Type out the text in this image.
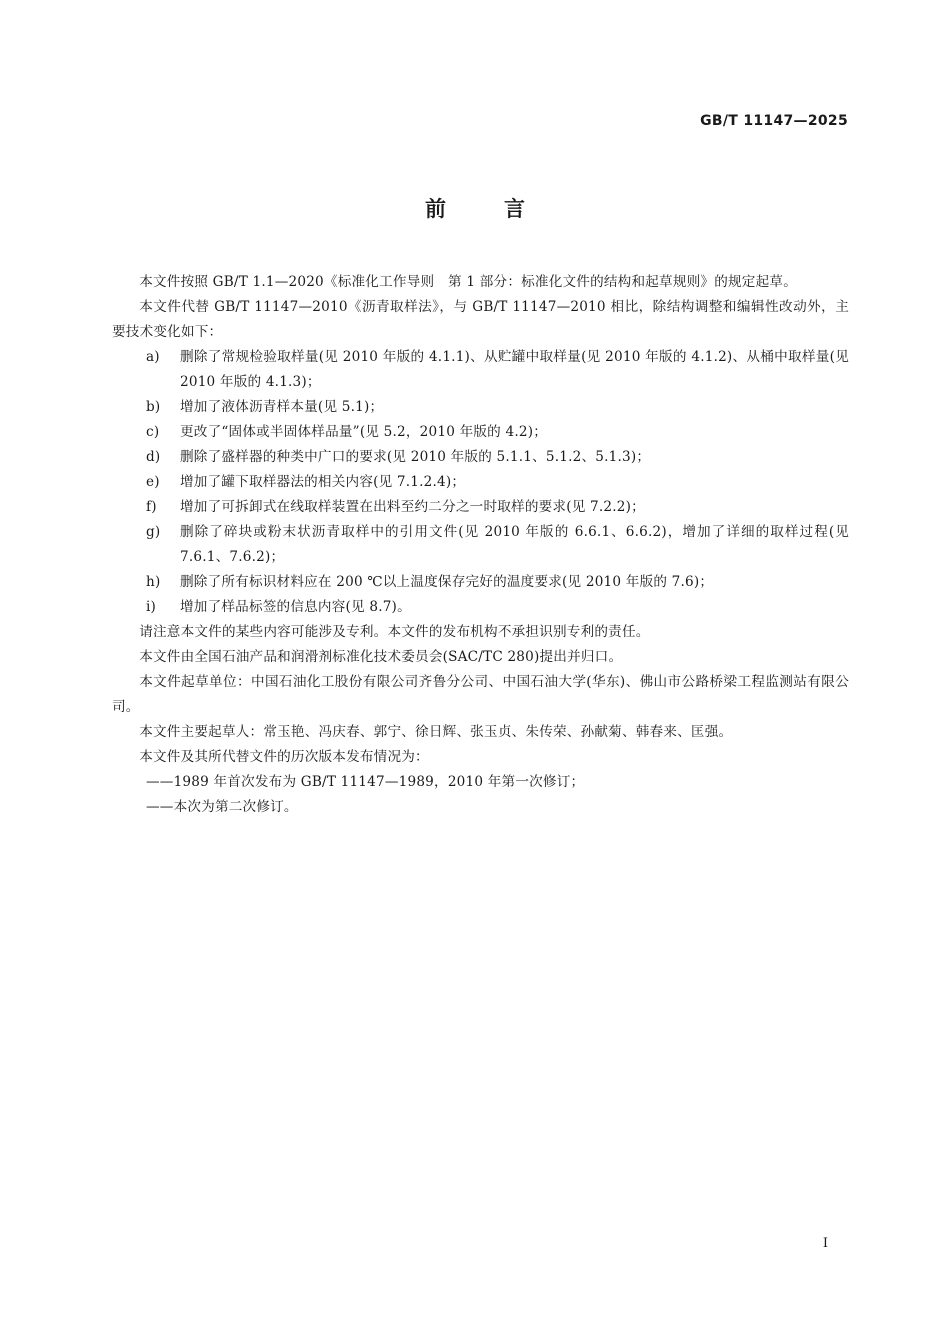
GB/T 11147—2025
前言

本文件按照 GB/T 1.1—2020《标准化工作导则　第 1 部分：标准化文件的结构和起草规则》的规定起草。

本文件代替 GB/T 11147—2010《沥青取样法》，与 GB/T 11147—2010 相比，除结构调整和编辑性改动外，主要技术变化如下：

a) 删除了常规检验取样量(见 2010 年版的 4.1.1)、从贮罐中取样量(见 2010 年版的 4.1.2)、从桶中取样量(见 2010 年版的 4.1.3)；
b) 增加了液体沥青样本量(见 5.1)；
c) 更改了“固体或半固体样品量”(见 5.2，2010 年版的 4.2)；
d) 删除了盛样器的种类中广口的要求(见 2010 年版的 5.1.1、5.1.2、5.1.3)；
e) 增加了罐下取样器法的相关内容(见 7.1.2.4)；
f) 增加了可拆卸式在线取样装置在出料至约二分之一时取样的要求(见 7.2.2)；
g) 删除了碎块或粉末状沥青取样中的引用文件(见 2010 年版的 6.6.1、6.6.2)，增加了详细的取样过程(见 7.6.1、7.6.2)；
h) 删除了所有标识材料应在 200 ℃以上温度保存完好的温度要求(见 2010 年版的 7.6)；
i) 增加了样品标签的信息内容(见 8.7)。

请注意本文件的某些内容可能涉及专利。本文件的发布机构不承担识别专利的责任。

本文件由全国石油产品和润滑剂标准化技术委员会(SAC/TC 280)提出并归口。

本文件起草单位：中国石油化工股份有限公司齐鲁分公司、中国石油大学(华东)、佛山市公路桥梁工程监测站有限公司。

本文件主要起草人：常玉艳、冯庆春、郭宁、徐日辉、张玉贞、朱传荣、孙献菊、韩春来、匡强。

本文件及其所代替文件的历次版本发布情况为：

——1989 年首次发布为 GB/T 11147—1989，2010 年第一次修订；

——本次为第二次修订。

I
